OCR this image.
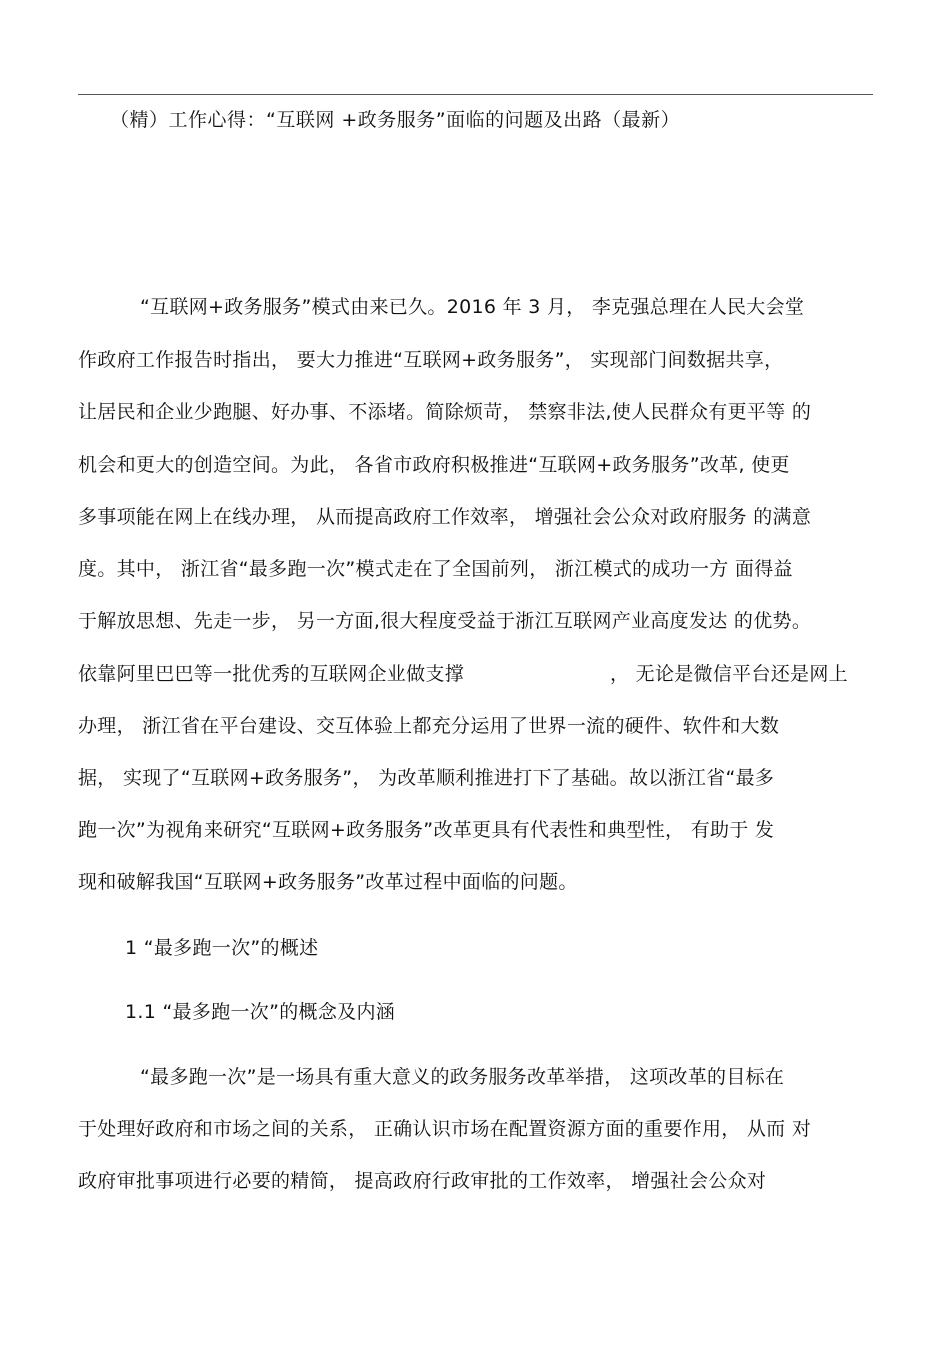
（精）工作心得：“互联网 +政务服务”面临的问题及出路（最新）
“互联网+政务服务”模式由来已久。2016 年 3 月， 李克强总理在人民大会堂
作政府工作报告时指出， 要大力推进“互联网+政务服务”， 实现部门间数据共享，
让居民和企业少跑腿、好办事、不添堵。简除烦苛， 禁察非法,使人民群众有更平等 的
机会和更大的创造空间。为此， 各省市政府积极推进“互联网+政务服务”改革, 使更
多事项能在网上在线办理， 从而提高政府工作效率， 增强社会公众对政府服务 的满意
度。其中， 浙江省“最多跑一次”模式走在了全国前列， 浙江模式的成功一方 面得益
于解放思想、先走一步， 另一方面,很大程度受益于浙江互联网产业高度发达 的优势。
依靠阿里巴巴等一批优秀的互联网企业做支撑	， 无论是微信平台还是网上
办理， 浙江省在平台建设、交互体验上都充分运用了世界一流的硬件、软件和大数
据， 实现了“互联网+政务服务”， 为改革顺利推进打下了基础。故以浙江省“最多
跑一次”为视角来研究“互联网+政务服务”改革更具有代表性和典型性， 有助于 发
现和破解我国“互联网+政务服务”改革过程中面临的问题。
1 “最多跑一次”的概述
1.1 “最多跑一次”的概念及内涵
“最多跑一次”是一场具有重大意义的政务服务改革举措， 这项改革的目标在
于处理好政府和市场之间的关系， 正确认识市场在配置资源方面的重要作用， 从而 对
政府审批事项进行必要的精简， 提高政府行政审批的工作效率， 增强社会公众对
